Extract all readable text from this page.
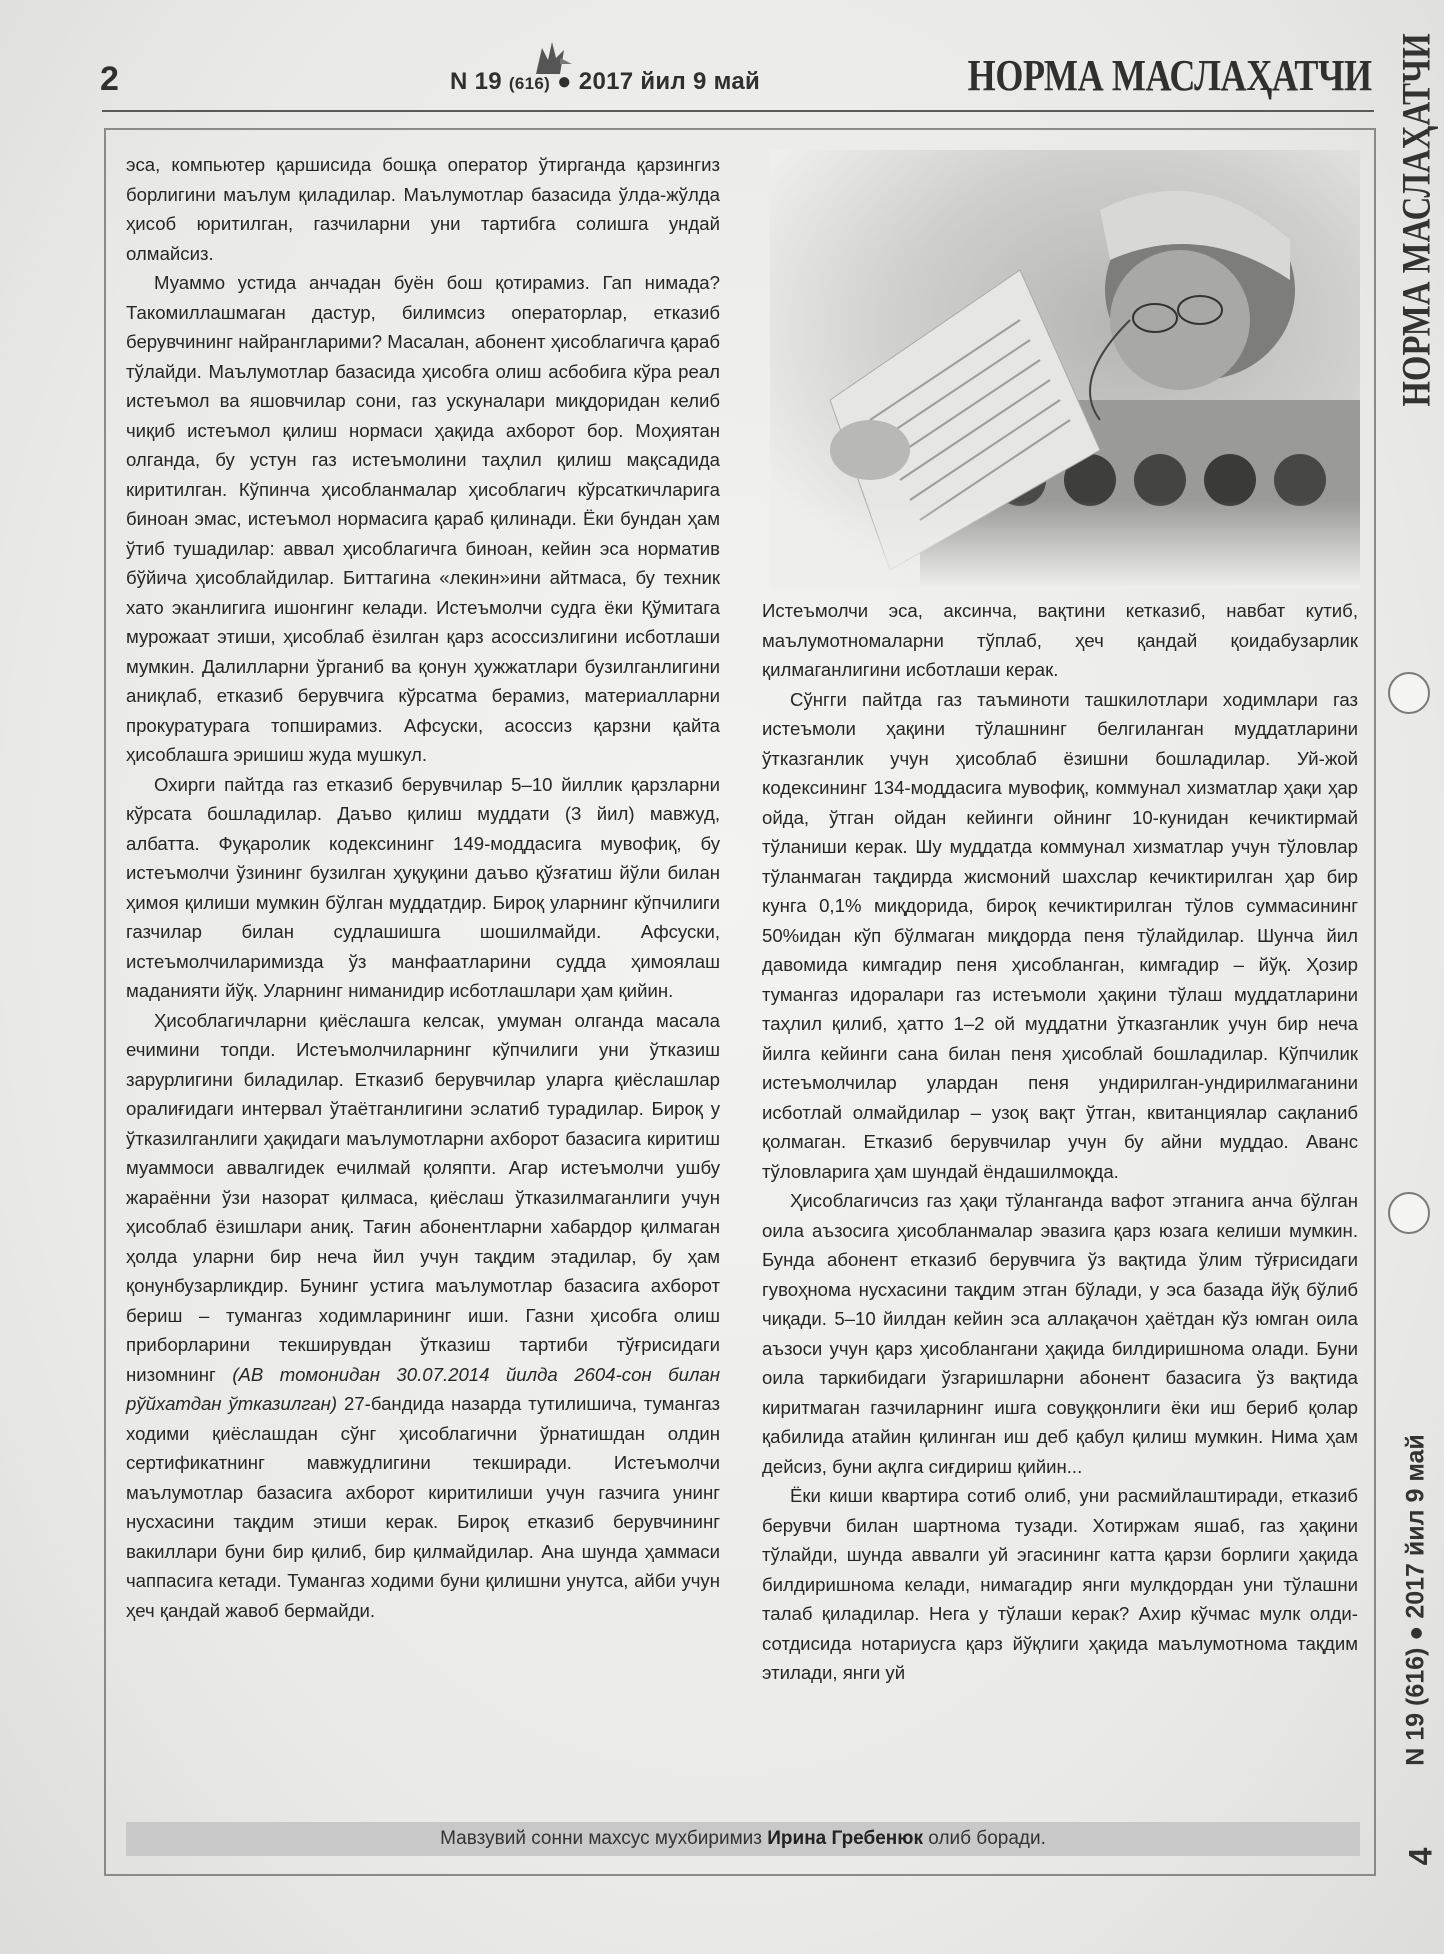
2	N 19 (616) ● 2017 йил 9 май	НОРМА МАСЛАҲАТЧИ

эса, компьютер қаршисида бошқа оператор ўтирганда қарзингиз борлигини маълум қиладилар. Маълумотлар базасида ўлда-жўлда ҳисоб юритилган, газчиларни уни тартибга солишга ундай олмайсиз.

Муаммо устида анчадан буён бош қотирамиз. Гап нимада? Такомиллашмаган дастур, билимсиз операторлар, етказиб берувчининг найрангларими? Масалан, абонент ҳисоблагичга қараб тўлайди. Маълумотлар базасида ҳисобга олиш асбобига кўра реал истеъмол ва яшовчилар сони, газ ускуналари миқдоридан келиб чиқиб истеъмол қилиш нормаси ҳақида ахборот бор. Моҳиятан олганда, бу устун газ истеъмолини таҳлил қилиш мақсадида киритилган. Кўпинча ҳисобланмалар ҳисоблагич кўрсаткичларига биноан эмас, истеъмол нормасига қараб қилинади. Ёки бундан ҳам ўтиб тушадилар: аввал ҳисоблагичга биноан, кейин эса норматив бўйича ҳисоблайдилар. Биттагина «лекин»ини айтмаса, бу техник хато эканлигига ишонгинг келади. Истеъмолчи судга ёки Қўмитага мурожаат этиши, ҳисоблаб ёзилган қарз асоссизлигини исботлаши мумкин. Далилларни ўрганиб ва қонун ҳужжатлари бузилганлигини аниқлаб, етказиб берувчига кўрсатма берамиз, материалларни прокуратурага топширамиз. Афсуски, асоссиз қарзни қайта ҳисоблашга эришиш жуда мушкул.

Охирги пайтда газ етказиб берувчилар 5–10 йиллик қарзларни кўрсата бошладилар. Даъво қилиш муддати (3 йил) мавжуд, албатта. Фуқаролик кодексининг 149-моддасига мувофиқ, бу истеъмолчи ўзининг бузилган ҳуқуқини даъво қўзғатиш йўли билан ҳимоя қилиши мумкин бўлган муддатдир. Бироқ уларнинг кўпчилиги газчилар билан судлашишга шошилмайди. Афсуски, истеъмолчиларимизда ўз манфаатларини судда ҳимоялаш маданияти йўқ. Уларнинг ниманидир исботлашлари ҳам қийин.

Ҳисоблагичларни қиёслашга келсак, умуман олганда масала ечимини топди. Истеъмолчиларнинг кўпчилиги уни ўтказиш зарурлигини биладилар. Етказиб берувчилар уларга қиёслашлар оралиғидаги интервал ўтаётганлигини эслатиб турадилар. Бироқ у ўтказилганлиги ҳақидаги маълумотларни ахборот базасига киритиш муаммоси аввалгидек ечилмай қоляпти. Агар истеъмолчи ушбу жараённи ўзи назорат қилмаса, қиёслаш ўтказилмаганлиги учун ҳисоблаб ёзишлари аниқ. Тағин абонентларни хабардор қилмаган ҳолда уларни бир неча йил учун тақдим этадилар, бу ҳам қонунбузарликдир. Бунинг устига маълумотлар базасига ахборот бериш – тумангаз ходимларининг иши. Газни ҳисобга олиш приборларини текширувдан ўтказиш тартиби тўғрисидаги низомнинг (АВ томонидан 30.07.2014 йилда 2604-сон билан рўйхатдан ўтказилган) 27-бандида назарда тутилишича, тумангаз ходими қиёслашдан сўнг ҳисоблагични ўрнатишдан олдин сертификатнинг мавжудлигини текширади. Истеъмолчи маълумотлар базасига ахборот киритилиши учун газчига унинг нусхасини тақдим этиши керак. Бироқ етказиб берувчининг вакиллари буни бир қилиб, бир қилмайдилар. Ана шунда ҳаммаси чаппасига кетади. Тумангаз ходими буни қилишни унутса, айби учун ҳеч қандай жавоб бермайди.

Истеъмолчи эса, аксинча, вақтини кетказиб, навбат кутиб, маълумотномаларни тўплаб, ҳеч қандай қоидабузарлик қилмаганлигини исботлаши керак.

Сўнгги пайтда газ таъминоти ташкилотлари ходимлари газ истеъмоли ҳақини тўлашнинг белгиланган муддатларини ўтказганлик учун ҳисоблаб ёзишни бошладилар. Уй-жой кодексининг 134-моддасига мувофиқ, коммунал хизматлар ҳақи ҳар ойда, ўтган ойдан кейинги ойнинг 10-кунидан кечиктирмай тўланиши керак. Шу муддатда коммунал хизматлар учун тўловлар тўланмаган тақдирда жисмоний шахслар кечиктирилган ҳар бир кунга 0,1% миқдорида, бироқ кечиктирилган тўлов суммасининг 50%идан кўп бўлмаган миқдорда пеня тўлайдилар. Шунча йил давомида кимгадир пеня ҳисобланган, кимгадир – йўқ. Ҳозир тумангаз идоралари газ истеъмоли ҳақини тўлаш муддатларини таҳлил қилиб, ҳатто 1–2 ой муддатни ўтказганлик учун бир неча йилга кейинги сана билан пеня ҳисоблай бошладилар. Кўпчилик истеъмолчилар улардан пеня ундирилган-ундирилмаганини исботлай олмайдилар – узоқ вақт ўтган, квитанциялар сақланиб қолмаган. Етказиб берувчилар учун бу айни муддао. Аванс тўловларига ҳам шундай ёндашилмоқда.

Ҳисоблагичсиз газ ҳақи тўланганда вафот этганига анча бўлган оила аъзосига ҳисобланмалар эвазига қарз юзага келиши мумкин. Бунда абонент етказиб берувчига ўз вақтида ўлим тўғрисидаги гувоҳнома нусхасини тақдим этган бўлади, у эса базада йўқ бўлиб чиқади. 5–10 йилдан кейин эса аллақачон ҳаётдан кўз юмган оила аъзоси учун қарз ҳисоблангани ҳақида билдиришнома олади. Буни оила таркибидаги ўзгаришларни абонент базасига ўз вақтида киритмаган газчиларнинг ишга совуққонлиги ёки иш бериб қолар қабилида атайин қилинган иш деб қабул қилиш мумкин. Нима ҳам дейсиз, буни ақлга сиғдириш қийин...

Ёки киши квартира сотиб олиб, уни расмийлаштиради, етказиб берувчи билан шартнома тузади. Хотиржам яшаб, газ ҳақини тўлайди, шунда аввалги уй эгасининг катта қарзи борлиги ҳақида билдиришнома келади, нимагадир янги мулкдордан уни тўлашни талаб қиладилар. Нега у тўлаши керак? Ахир кўчмас мулк олди-сотдисида нотариусга қарз йўқлиги ҳақида маълумотнома тақдим этилади, янги уй

Мавзувий сонни махсус мухбиримиз Ирина Гребенюк олиб боради.
НОРМА МАСЛАҲАТЧИ
N 19 (616) ● 2017 йил 9 май
4
